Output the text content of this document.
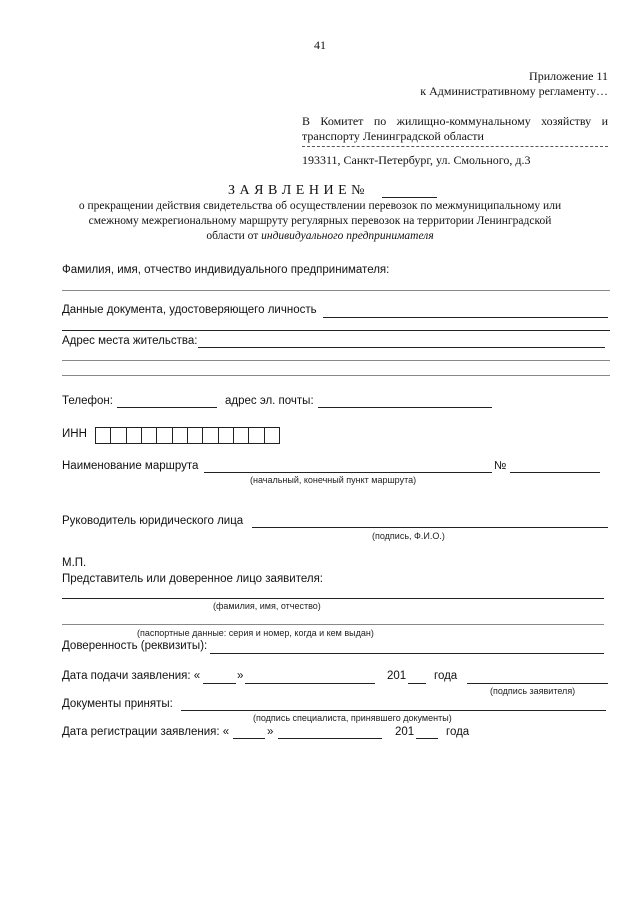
41
Приложение 11
к Административному регламенту…
В Комитет по жилищно-коммунальному хозяйству и
транспорту Ленинградской области
193311, Санкт-Петербург, ул. Смольного, д.3
З А Я В Л Е Н И Е №
о прекращении действия свидетельства об осуществлении перевозок по межмуниципальному или
смежному межрегиональному маршруту регулярных перевозок на территории Ленинградской
области от индивидуального предпринимателя
Фамилия, имя, отчество индивидуального предпринимателя:
Данные документа, удостоверяющего личность
Адрес места жительства:
Телефон:	адрес эл. почты:
ИНН
Наименование маршрута	№
(начальный, конечный пункт маршрута)
Руководитель юридического лица
(подпись, Ф.И.О.)
М.П.
Представитель или доверенное лицо заявителя:
(фамилия, имя, отчество)
(паспортные данные: серия и номер, когда и кем выдан)
Доверенность (реквизиты):
Дата подачи заявления: «	»	201 года
(подпись заявителя)
Документы приняты:
(подпись специалиста, принявшего документы)
Дата регистрации заявления: «	»	201	года
